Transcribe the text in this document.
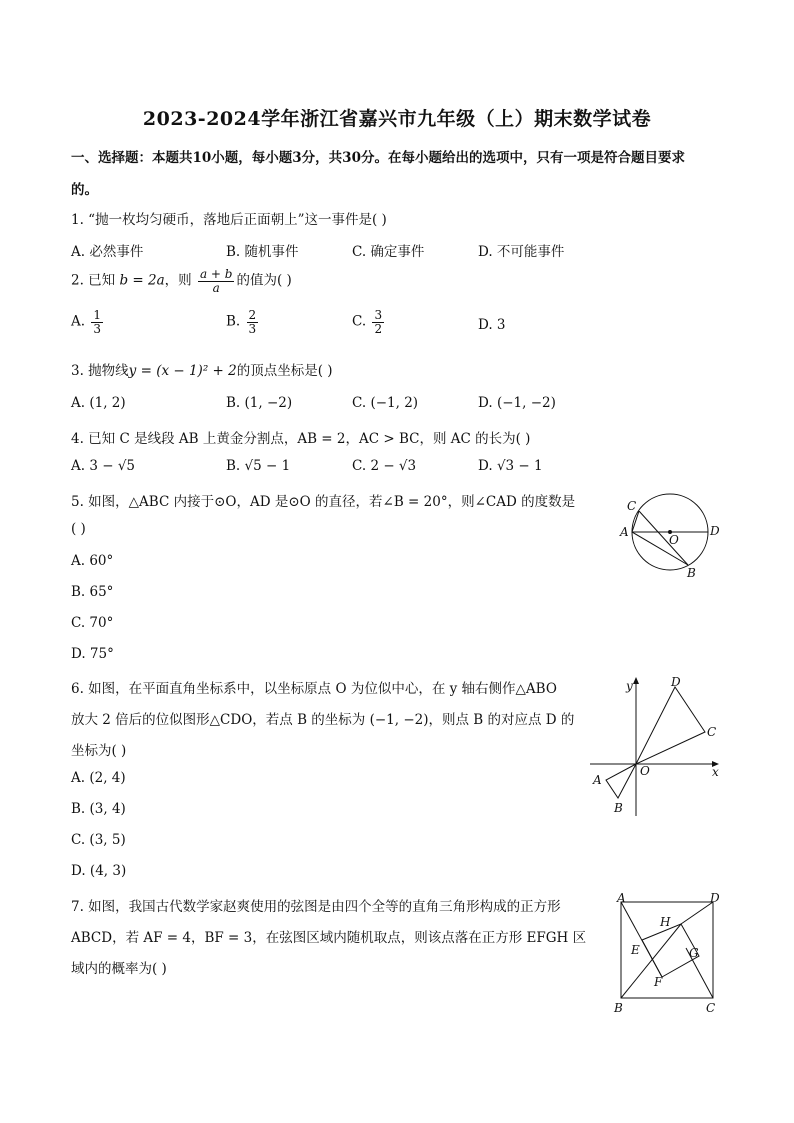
2023-2024学年浙江省嘉兴市九年级（上）期末数学试卷
一、选择题：本题共10小题，每小题3分，共30分。在每小题给出的选项中，只有一项是符合题目要求
的。
1. “抛一枚均匀硬币，落地后正面朝上”这一事件是( )
A. 必然事件	B. 随机事件	C. 确定事件	D. 不可能事件
2. 已知 b = 2a，则 $\frac{a + b}{a}$ 的值为( )
A. $\frac{1}{3}$	B. $\frac{2}{3}$	C. $\frac{3}{2}$	D. 3
3. 抛物线y = (x − 1)² + 2的顶点坐标是( )
A. (1, 2)	B. (1, −2)	C. (−1, 2)	D. (−1, −2)
4. 已知 C 是线段 AB 上黄金分割点，AB = 2，AC > BC，则 AC 的长为( )
A. 3 − √5	B. √5 − 1	C. 2 − √3	D. √3 − 1
5. 如图，△ABC 内接于⊙O，AD 是⊙O 的直径，若∠B = 20°，则∠CAD 的度数是
( )
A. 60°
B. 65°
C. 70°
D. 75°
C
A
O
D
B
6. 如图，在平面直角坐标系中，以坐标原点 O 为位似中心，在 y 轴右侧作△ABO
放大 2 倍后的位似图形△CDO，若点 B 的坐标为 (−1, −2)，则点 B 的对应点 D 的
坐标为( )
A. (2, 4)
B. (3, 4)
C. (3, 5)
D. (4, 3)
y	D
C
A
O	x
B
7. 如图，我国古代数学家赵爽使用的弦图是由四个全等的直角三角形构成的正方形
ABCD，若 AF = 4，BF = 3，在弦图区域内随机取点，则该点落在正方形 EFGH 区
域内的概率为( )
A	D
H
E	G
F
B	C
